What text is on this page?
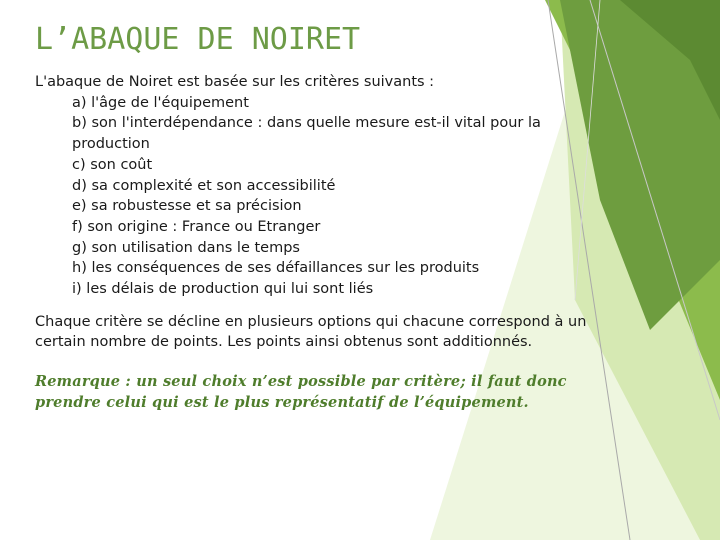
L’ABAQUE DE NOIRET

L'abaque de Noiret est basée sur les critères suivants :

a) l'âge de l'équipement
b) son l'interdépendance : dans quelle mesure est-il vital pour la production
c) son coût
d) sa complexité et son accessibilité
e) sa robustesse et sa précision
f) son origine : France ou Etranger
g) son utilisation dans le temps
h) les conséquences de ses défaillances sur les produits
i) les délais de production qui lui sont liés

Chaque critère se décline en plusieurs options qui chacune correspond à un certain nombre de points. Les points ainsi obtenus sont additionnés.

Remarque : un seul choix n’est possible par critère; il faut donc prendre celui qui est le plus représentatif de l’équipement.
